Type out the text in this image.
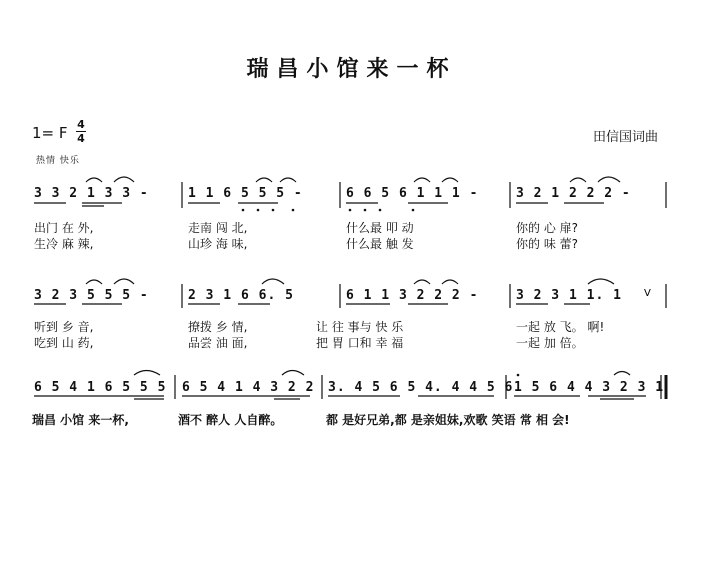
瑞昌小馆来一杯
1= F 4
4	田信国词曲
热情 快乐
3 3 2 1 3 3 -	1 1 6 5 5 5 -	6 6 5 6 1 1 1 -	3 2 1 2 2 2 -
出门 在 外,	走南 闯 北,	什么最 叩 动	你的 心 扉?
生冷 麻 辣,	山珍 海 味,	什么最 触 发	你的 味 蕾?
3 2 3 5 5 5 -	2 3 1 6 6. 5	6 1 1 3 2 2 2 -	3 2 3 1 1. 1
听到 乡 音,	撩拨 乡 情,	让 往 事与 快 乐	一起 放 飞。 啊!
吃到 山 药,	品尝 油 面,	把 胃 口和 幸 福	一起 加 倍。
6 5 4 1 6 5 5 5 6 5 4 1 4 3 2 2 3. 4 5 6 5 4. 4 4 5 6 1 5 6 4 4 3 2 3 1
瑞昌 小馆 来一杯,	酒不 醉人 人自醉。	都 是好兄弟,都 是亲姐妹,欢歌 笑语 常 相 会!
V
